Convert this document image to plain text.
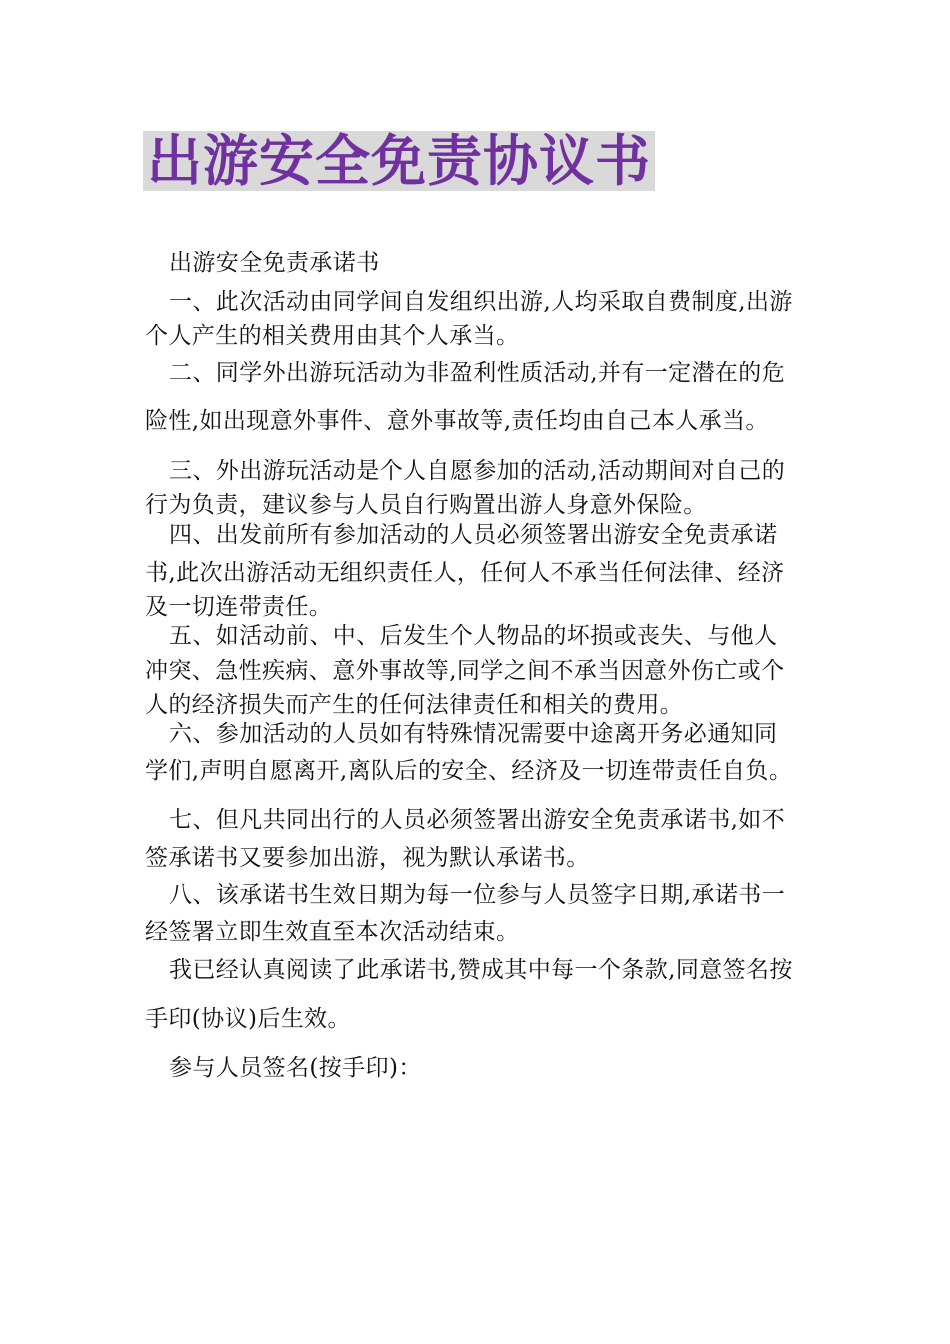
出游安全免责协议书
出游安全免责承诺书
一、此次活动由同学间自发组织出游,人均采取自费制度,出游
个人产生的相关费用由其个人承当。
二、同学外出游玩活动为非盈利性质活动,并有一定潜在的危
险性,如出现意外事件、意外事故等,责任均由自己本人承当。
三、外出游玩活动是个人自愿参加的活动,活动期间对自己的
行为负责，建议参与人员自行购置出游人身意外保险。
四、出发前所有参加活动的人员必须签署出游安全免责承诺
书,此次出游活动无组织责任人，任何人不承当任何法律、经济
及一切连带责任。
五、如活动前、中、后发生个人物品的坏损或丧失、与他人
冲突、急性疾病、意外事故等,同学之间不承当因意外伤亡或个
人的经济损失而产生的任何法律责任和相关的费用。
六、参加活动的人员如有特殊情况需要中途离开务必通知同
学们,声明自愿离开,离队后的安全、经济及一切连带责任自负。
七、但凡共同出行的人员必须签署出游安全免责承诺书,如不
签承诺书又要参加出游，视为默认承诺书。
八、该承诺书生效日期为每一位参与人员签字日期,承诺书一
经签署立即生效直至本次活动结束。
我已经认真阅读了此承诺书,赞成其中每一个条款,同意签名按
手印(协议)后生效。
参与人员签名(按手印)：
